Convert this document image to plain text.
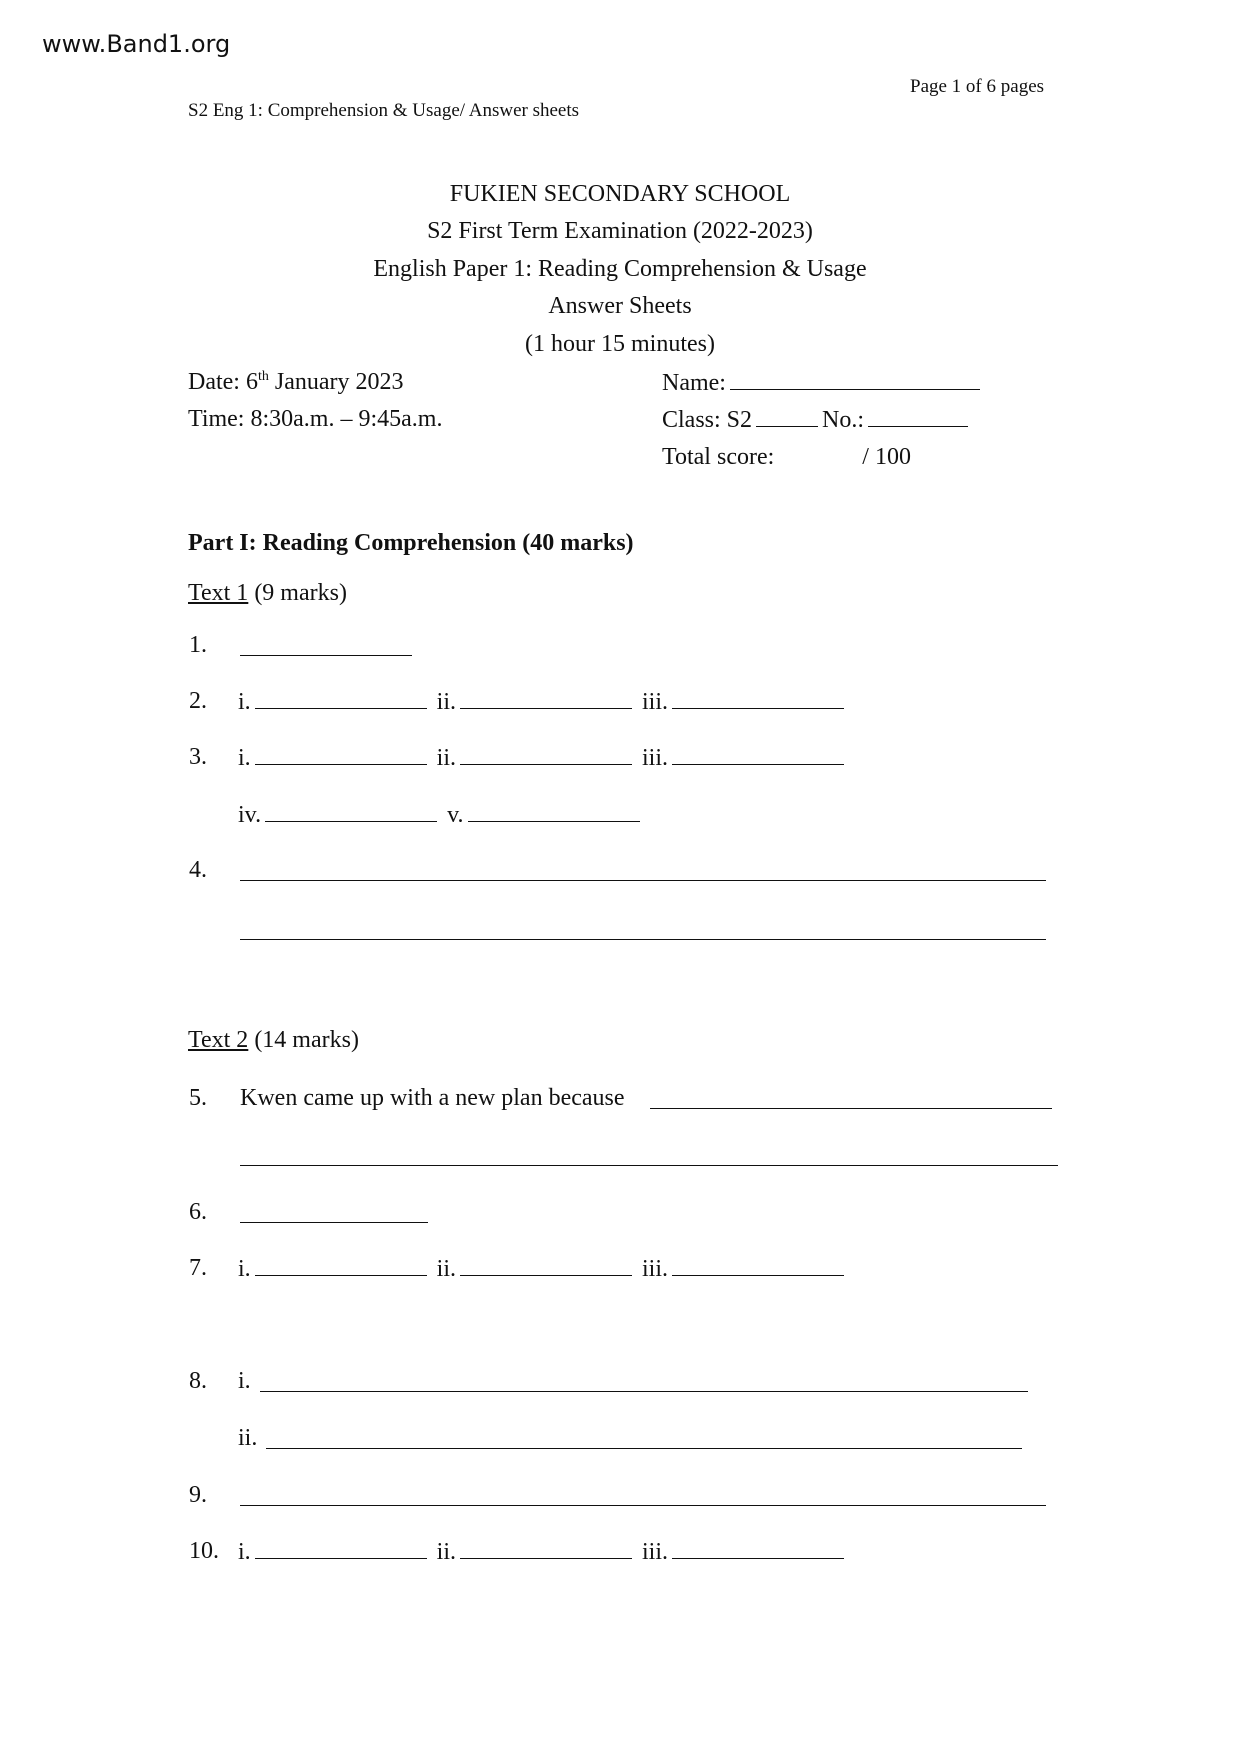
www.Band1.org
S2 Eng 1: Comprehension & Usage/ Answer sheets
Page 1 of 6 pages
FUKIEN SECONDARY SCHOOL
S2 First Term Examination (2022-2023)
English Paper 1: Reading Comprehension & Usage
Answer Sheets
(1 hour 15 minutes)
Date: 6th January 2023
Time: 8:30a.m. – 9:45a.m.
Name:
Class: S2	No.:
Total score:	/ 100
Part I: Reading Comprehension (40 marks)
Text 1 (9 marks)
1.
2. i.	ii.	iii.
3. i.	ii.	iii.
iv.	v.
4.
Text 2 (14 marks)
5. Kwen came up with a new plan because
6.
7. i.	ii.	iii.
8. i.
ii.
9.
10. i.	ii.	iii.
